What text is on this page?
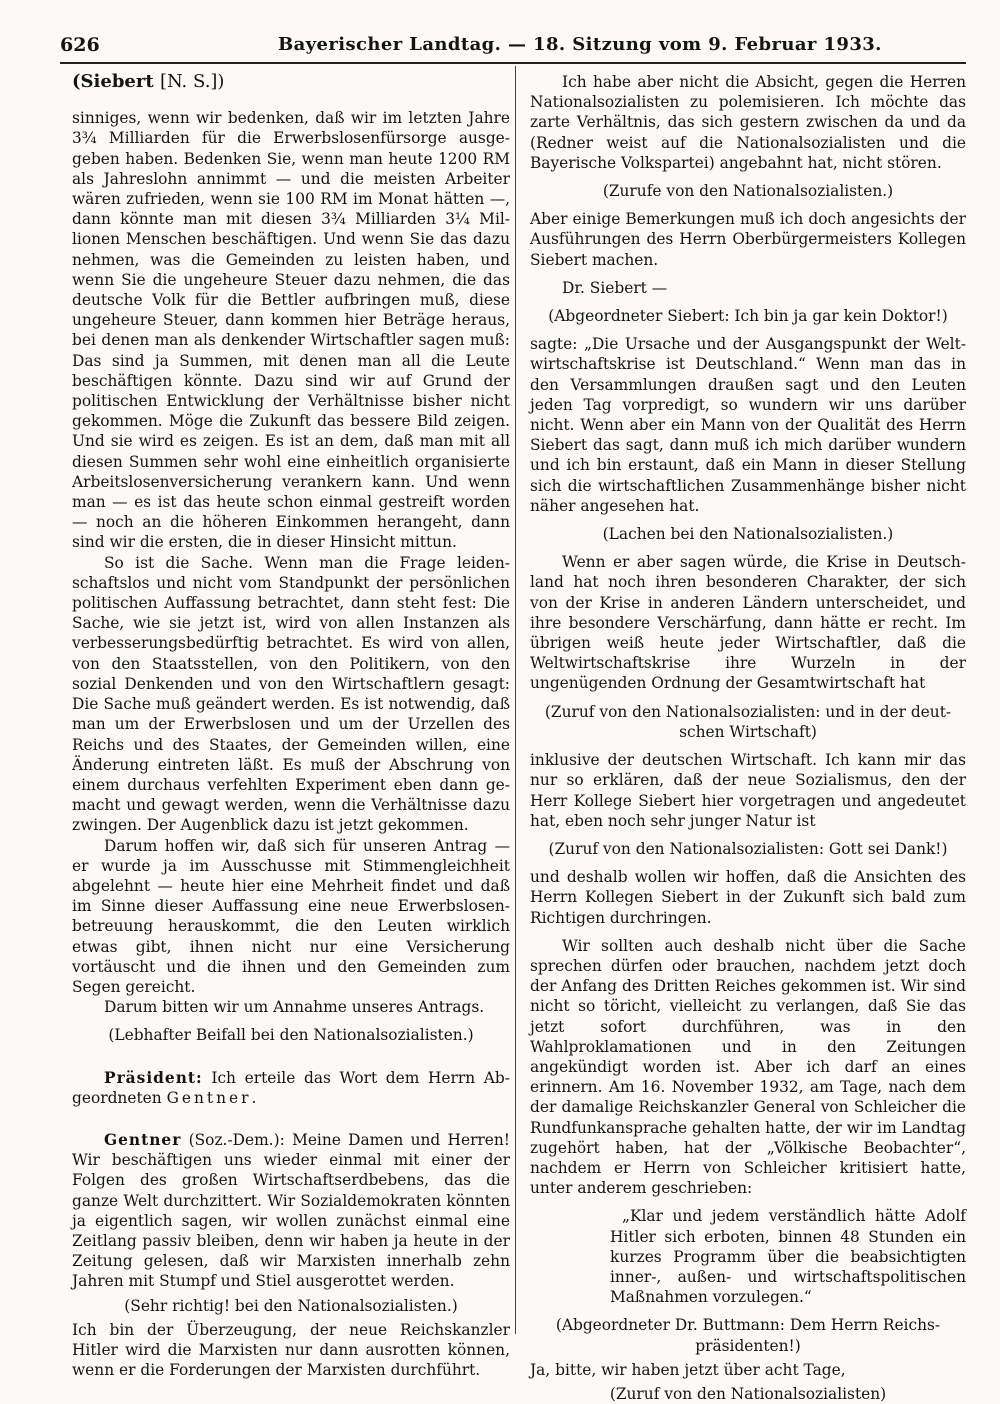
626	Bayerischer Landtag. — 18. Sitzung vom 9. Februar 1933.
(Siebert [N. S.])

sinniges, wenn wir bedenken, daß wir im letzten Jahre 3¾ Milliarden für die Erwerbslosenfürsorge ausgegeben haben. Bedenken Sie, wenn man heute 1200 RM als Jahreslohn annimmt — und die meisten Arbeiter wären zufrieden, wenn sie 100 RM im Monat hätten —, dann könnte man mit diesen 3¾ Milliarden 3¼ Millionen Menschen beschäftigen. Und wenn Sie das dazu nehmen, was die Gemeinden zu leisten haben, und wenn Sie die ungeheure Steuer dazu nehmen, die das deutsche Volk für die Bettler aufbringen muß, diese ungeheure Steuer, dann kommen hier Beträge heraus, bei denen man als denkender Wirtschaftler sagen muß: Das sind ja Summen, mit denen man all die Leute beschäftigen könnte. Dazu sind wir auf Grund der politischen Entwicklung der Verhältnisse bisher nicht gekommen. Möge die Zukunft das bessere Bild zeigen. Und sie wird es zeigen. Es ist an dem, daß man mit all diesen Summen sehr wohl eine einheitlich organisierte Arbeitslosenversicherung verankern kann. Und wenn man — es ist das heute schon einmal gestreift worden — noch an die höheren Einkommen herangeht, dann sind wir die ersten, die in dieser Hinsicht mittun.

So ist die Sache. Wenn man die Frage leidenschaftslos und nicht vom Standpunkt der persönlichen politischen Auffassung betrachtet, dann steht fest: Die Sache, wie sie jetzt ist, wird von allen Instanzen als verbesserungsbedürftig betrachtet. Es wird von allen, von den Staatsstellen, von den Politikern, von den sozial Denkenden und von den Wirtschaftlern gesagt: Die Sache muß geändert werden. Es ist notwendig, daß man um der Erwerbslosen und um der Urzellen des Reichs und des Staates, der Gemeinden willen, eine Änderung eintreten läßt. Es muß der Abschrung von einem durchaus verfehlten Experiment eben dann gemacht und gewagt werden, wenn die Verhältnisse dazu zwingen. Der Augenblick dazu ist jetzt gekommen.

Darum hoffen wir, daß sich für unseren Antrag — er wurde ja im Ausschusse mit Stimmengleichheit abgelehnt — heute hier eine Mehrheit findet und daß im Sinne dieser Auffassung eine neue Erwerbslosenbetreuung herauskommt, die den Leuten wirklich etwas gibt, ihnen nicht nur eine Versicherung vortäuscht und die ihnen und den Gemeinden zum Segen gereicht.

Darum bitten wir um Annahme unseres Antrags.

(Lebhafter Beifall bei den Nationalsozialisten.)

Präsident: Ich erteile das Wort dem Herrn Abgeordneten Gentner.

Gentner (Soz.-Dem.): Meine Damen und Herren! Wir beschäftigen uns wieder einmal mit einer der Folgen des großen Wirtschaftserdbebens, das die ganze Welt durchzittert. Wir Sozialdemokraten könnten ja eigentlich sagen, wir wollen zunächst einmal eine Zeitlang passiv bleiben, denn wir haben ja heute in der Zeitung gelesen, daß wir Marxisten innerhalb zehn Jahren mit Stumpf und Stiel ausgerottet werden.

(Sehr richtig! bei den Nationalsozialisten.)

Ich bin der Überzeugung, der neue Reichskanzler Hitler wird die Marxisten nur dann ausrotten können, wenn er die Forderungen der Marxisten durchführt.

Ich habe aber nicht die Absicht, gegen die Herren Nationalsozialisten zu polemisieren. Ich möchte das zarte Verhältnis, das sich gestern zwischen da und da (Redner weist auf die Nationalsozialisten und die Bayerische Volkspartei) angebahnt hat, nicht stören.

(Zurufe von den Nationalsozialisten.)

Aber einige Bemerkungen muß ich doch angesichts der Ausführungen des Herrn Oberbürgermeisters Kollegen Siebert machen.

Dr. Siebert —

(Abgeordneter Siebert: Ich bin ja gar kein Doktor!)

sagte: „Die Ursache und der Ausgangspunkt der Weltwirtschaftskrise ist Deutschland.“ Wenn man das in den Versammlungen draußen sagt und den Leuten jeden Tag vorpredigt, so wundern wir uns darüber nicht. Wenn aber ein Mann von der Qualität des Herrn Siebert das sagt, dann muß ich mich darüber wundern und ich bin erstaunt, daß ein Mann in dieser Stellung sich die wirtschaftlichen Zusammenhänge bisher nicht näher angesehen hat.

(Lachen bei den Nationalsozialisten.)

Wenn er aber sagen würde, die Krise in Deutschland hat noch ihren besonderen Charakter, der sich von der Krise in anderen Ländern unterscheidet, und ihre besondere Verschärfung, dann hätte er recht. Im übrigen weiß heute jeder Wirtschaftler, daß die Weltwirtschaftskrise ihre Wurzeln in der ungenügenden Ordnung der Gesamtwirtschaft hat

(Zuruf von den Nationalsozialisten: und in der deutschen Wirtschaft)

inklusive der deutschen Wirtschaft. Ich kann mir das nur so erklären, daß der neue Sozialismus, den der Herr Kollege Siebert hier vorgetragen und angedeutet hat, eben noch sehr junger Natur ist

(Zuruf von den Nationalsozialisten: Gott sei Dank!)

und deshalb wollen wir hoffen, daß die Ansichten des Herrn Kollegen Siebert in der Zukunft sich bald zum Richtigen durchringen.

Wir sollten auch deshalb nicht über die Sache sprechen dürfen oder brauchen, nachdem jetzt doch der Anfang des Dritten Reiches gekommen ist. Wir sind nicht so töricht, vielleicht zu verlangen, daß Sie das jetzt sofort durchführen, was in den Wahlproklamationen und in den Zeitungen angekündigt worden ist. Aber ich darf an eines erinnern. Am 16. November 1932, am Tage, nach dem der damalige Reichskanzler General von Schleicher die Rundfunkansprache gehalten hatte, der wir im Landtag zugehört haben, hat der „Völkische Beobachter“, nachdem er Herrn von Schleicher kritisiert hatte, unter anderem geschrieben:

„Klar und jedem verständlich hätte Adolf Hitler sich erboten, binnen 48 Stunden ein kurzes Programm über die beabsichtigten inner-, außen- und wirtschaftspolitischen Maßnahmen vorzulegen.“

(Abgeordneter Dr. Buttmann: Dem Herrn Reichspräsidenten!)

Ja, bitte, wir haben jetzt über acht Tage,

(Zuruf von den Nationalsozialisten)
